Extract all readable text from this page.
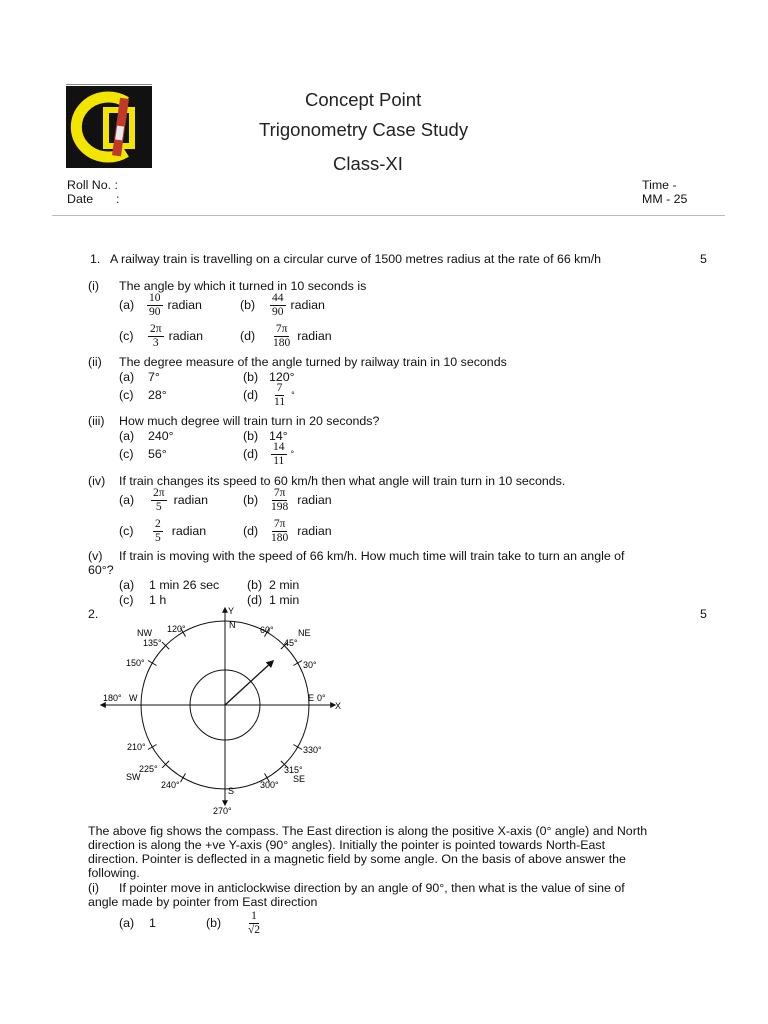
Concept Point
Trigonometry Case Study
Class-XI
Roll No. :
Date :
Time -
MM - 25
1. A railway train is travelling on a circular curve of 1500 metres radius at the rate of 66 km/h	5
(i) The angle by which it turned in 10 seconds is
$(a) \frac{10}{90}$ radian	$(b) \frac{44}{90}$ radian
$(c) \frac{2\pi}{3}$ radian	$(d) \frac{7\pi}{180}$ radian
(ii) The degree measure of the angle turned by railway train in 10 seconds
(a) 7°	(b) 120°
(c) 28°	$(d) \frac{7}{11}$ °
(iii) How much degree will train turn in 20 seconds?
(a) 240°	(b) 14°
(c) 56°	$(d) \frac{14}{11}$ °
(iv) If train changes its speed to 60 km/h then what angle will train turn in 10 seconds.
$(a) \frac{2\pi}{5}$ radian	$(b) \frac{7\pi}{198}$ radian
$(c) \frac{2}{5}$ radian	$(d) \frac{7\pi}{180}$ radian
(v) If train is moving with the speed of 66 km/h. How much time will train take to turn an angle of
60°?
(a) 1 min 26 sec (b) 2 min
(c) 1 h	(d) 1 min
2.	5
Y
X
N
S
E
W
NE
NW
SE
SW
0°
30°
45°
60°
120°
135°
150°
180°
210°
225°
240°
270°
300°
315°
330°
The above fig shows the compass. The East direction is along the positive X-axis (0° angle) and North
direction is along the +ve Y-axis (90° angles). Initially the pointer is pointed towards North-East
direction. Pointer is deflected in a magnetic field by some angle. On the basis of above answer the
following.
(i) If pointer move in anticlockwise direction by an angle of 90°, then what is the value of sine of
angle made by pointer from East direction
(a) 1	$(b) \frac{1}{√2}$
